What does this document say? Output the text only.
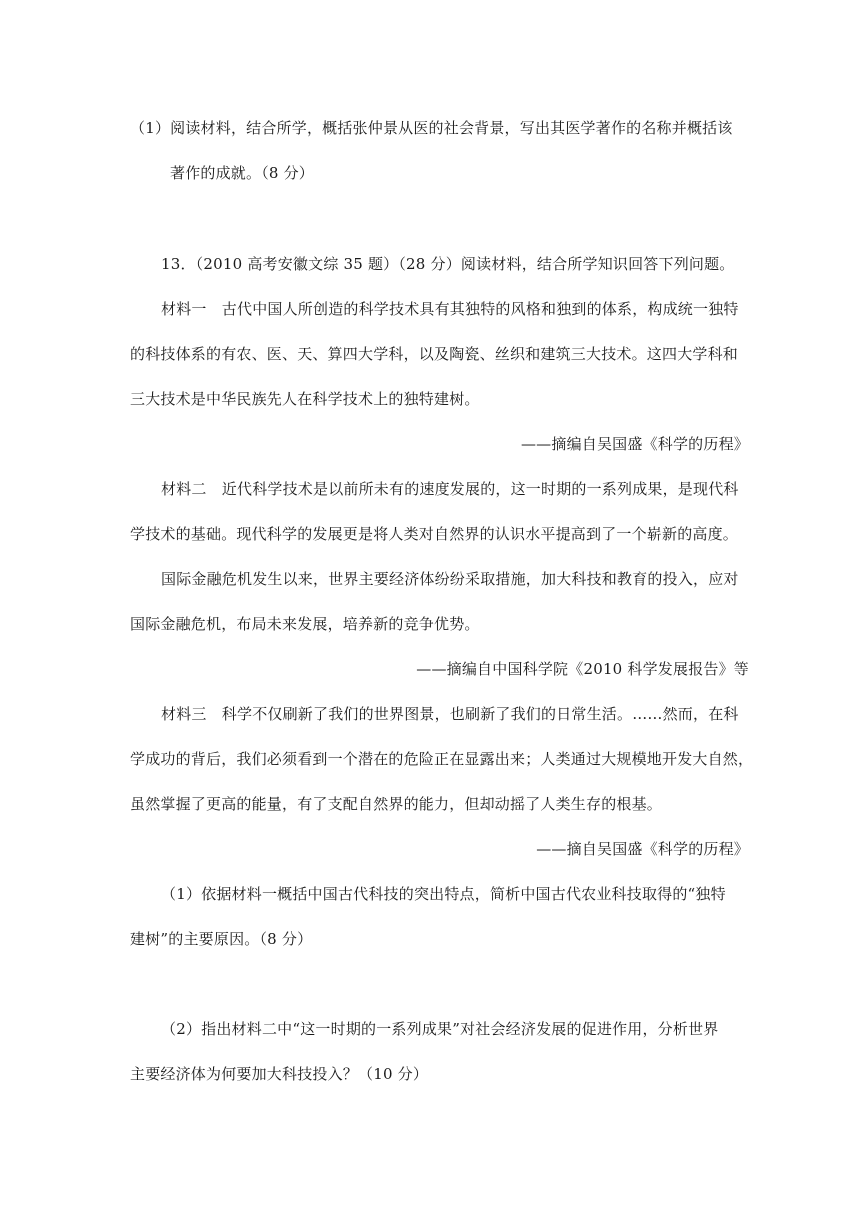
（1）阅读材料，结合所学，概括张仲景从医的社会背景，写出其医学著作的名称并概括该
著作的成就。（8 分）
13．（2010 高考安徽文综 35 题）（28 分）阅读材料，结合所学知识回答下列问题。
材料一　古代中国人所创造的科学技术具有其独特的风格和独到的体系，构成统一独特
的科技体系的有农、医、天、算四大学科，以及陶瓷、丝织和建筑三大技术。这四大学科和
三大技术是中华民族先人在科学技术上的独特建树。
——摘编自吴国盛《科学的历程》
材料二　近代科学技术是以前所未有的速度发展的，这一时期的一系列成果，是现代科
学技术的基础。现代科学的发展更是将人类对自然界的认识水平提高到了一个崭新的高度。
国际金融危机发生以来，世界主要经济体纷纷采取措施，加大科技和教育的投入，应对
国际金融危机，布局未来发展，培养新的竞争优势。
——摘编自中国科学院《2010 科学发展报告》等
材料三　科学不仅刷新了我们的世界图景，也刷新了我们的日常生活。……然而，在科
学成功的背后，我们必须看到一个潜在的危险正在显露出来；人类通过大规模地开发大自然，
虽然掌握了更高的能量，有了支配自然界的能力，但却动摇了人类生存的根基。
——摘自吴国盛《科学的历程》
（1）依据材料一概括中国古代科技的突出特点，简析中国古代农业科技取得的“独特
建树”的主要原因。（8 分）
（2）指出材料二中“这一时期的一系列成果”对社会经济发展的促进作用，分析世界
主要经济体为何要加大科技投入？（10 分）
